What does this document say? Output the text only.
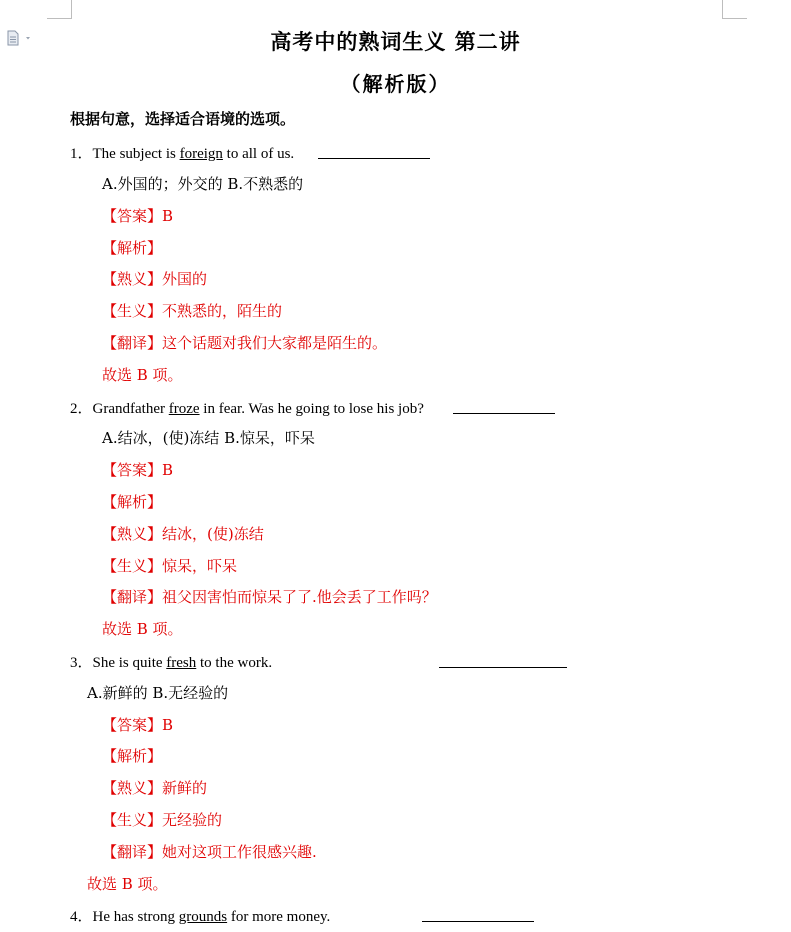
高考中的熟词生义 第二讲
（解析版）
根据句意，选择适合语境的选项。
1．The subject is foreign to all of us.
A.外国的；外交的 B.不熟悉的
【答案】B
【解析】
【熟义】外国的
【生义】不熟悉的，陌生的
【翻译】这个话题对我们大家都是陌生的。
故选 B 项。
2．Grandfather froze in fear. Was he going to lose his job?
A.结冰，(使)冻结 B.惊呆，吓呆
【答案】B
【解析】
【熟义】结冰，(使)冻结
【生义】惊呆，吓呆
【翻译】祖父因害怕而惊呆了了.他会丢了工作吗？
故选 B 项。
3．She is quite fresh to the work.
A.新鲜的 B.无经验的
【答案】B
【解析】
【熟义】新鲜的
【生义】无经验的
【翻译】她对这项工作很感兴趣.
故选 B 项。
4．He has strong grounds for more money.
